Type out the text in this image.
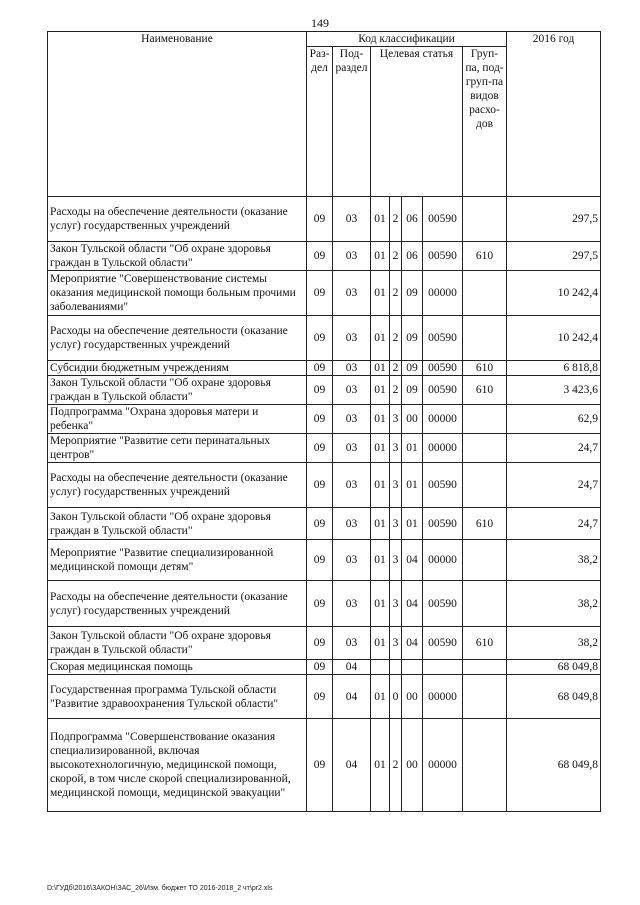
149
Наименование	Код классификации							2016 год
	Раз-дел	Под-раздел	Целевая статья				Груп-па, под-груп-па видов расхо-дов	
Расходы на обеспечение деятельности (оказание услуг) государственных учреждений	09	03	01	2	06	00590		297,5
Закон Тульской области "Об охране здоровья граждан в Тульской области"	09	03	01	2	06	00590	610	297,5
Мероприятие "Совершенствование системы оказания медицинской помощи больным прочими заболеваниями"	09	03	01	2	09	00000		10 242,4
Расходы на обеспечение деятельности (оказание услуг) государственных учреждений	09	03	01	2	09	00590		10 242,4
Субсидии бюджетным учреждениям	09	03	01	2	09	00590	610	6 818,8
Закон Тульской области "Об охране здоровья граждан в Тульской области"	09	03	01	2	09	00590	610	3 423,6
Подпрограмма "Охрана здоровья матери и ребенка"	09	03	01	3	00	00000		62,9
Мероприятие "Развитие сети перинатальных центров"	09	03	01	3	01	00000		24,7
Расходы на обеспечение деятельности (оказание услуг) государственных учреждений	09	03	01	3	01	00590		24,7
Закон Тульской области "Об охране здоровья граждан в Тульской области"	09	03	01	3	01	00590	610	24,7
Мероприятие "Развитие специализированной медицинской помощи детям"	09	03	01	3	04	00000		38,2
Расходы на обеспечение деятельности (оказание услуг) государственных учреждений	09	03	01	3	04	00590		38,2
Закон Тульской области "Об охране здоровья граждан в Тульской области"	09	03	01	3	04	00590	610	38,2
Скорая медицинская помощь	09	04						68 049,8
Государственная программа Тульской области "Развитие здравоохранения Тульской области"	09	04	01	0	00	00000		68 049,8
Подпрограмма "Совершенствование оказания специализированной, включая высокотехнологичную, медицинской помощи, скорой, в том числе скорой специализированной, медицинской помощи, медицинской эвакуации"	09	04	01	2	00	00000		68 049,8
D:\ГУДб\2016\ЗАКОН\ЗАС_26\Изм. бюджет ТО 2016-2018_2 чт\pr2.xls
